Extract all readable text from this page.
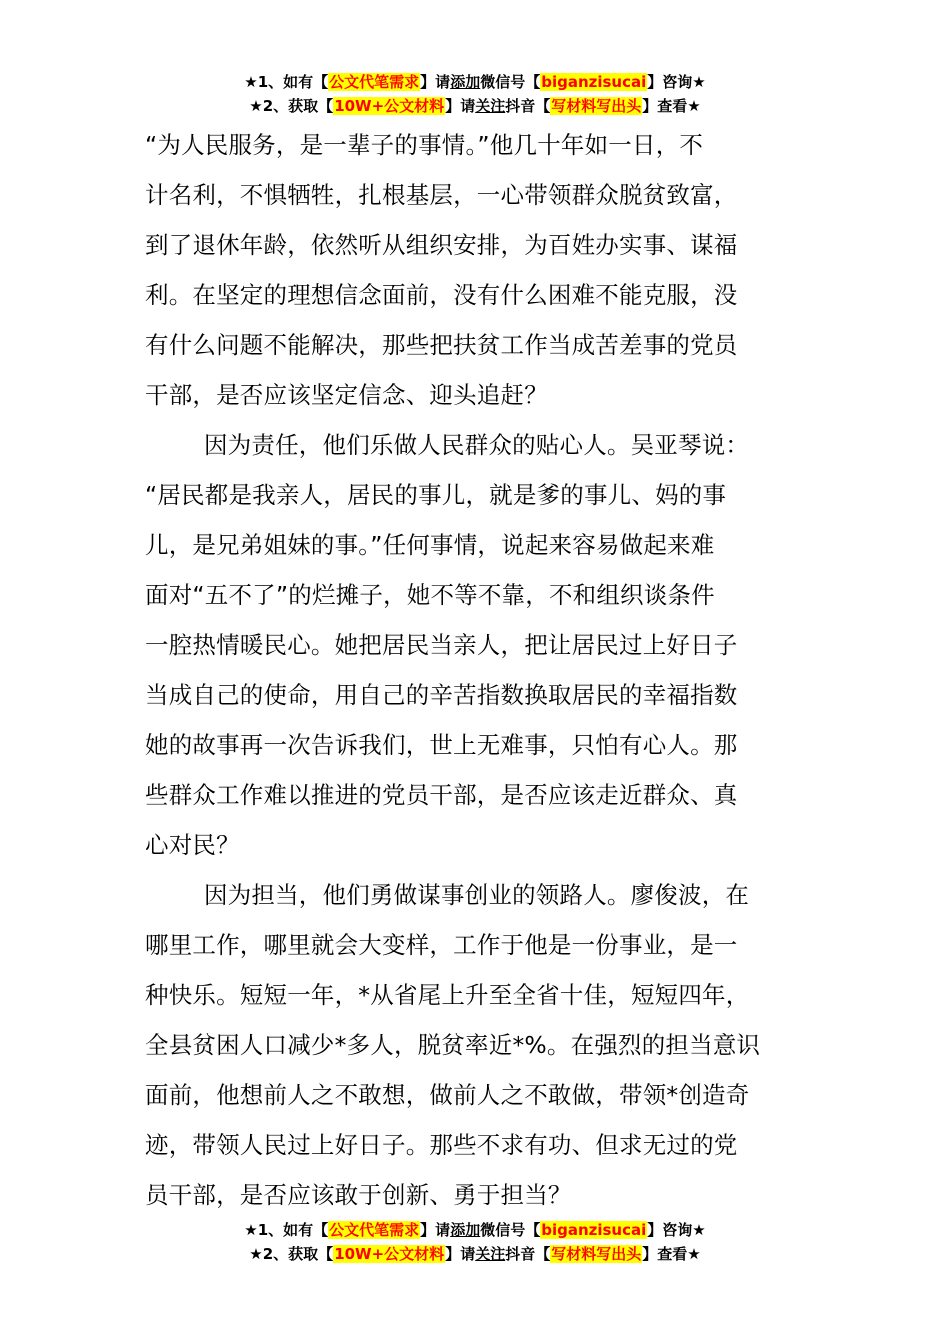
★1、如有【公文代笔需求】请添加微信号【biganzisucai】咨询★
★2、获取【10W+公文材料】请关注抖音【写材料写出头】查看★
“为人民服务，是一辈子的事情。”他几十年如一日，不
计名利，不惧牺牲，扎根基层，一心带领群众脱贫致富，
到了退休年龄，依然听从组织安排，为百姓办实事、谋福
利。在坚定的理想信念面前，没有什么困难不能克服，没
有什么问题不能解决，那些把扶贫工作当成苦差事的党员
干部，是否应该坚定信念、迎头追赶？
因为责任，他们乐做人民群众的贴心人。吴亚琴说：
“居民都是我亲人，居民的事儿，就是爹的事儿、妈的事
儿，是兄弟姐妹的事。”任何事情，说起来容易做起来难
面对“五不了”的烂摊子，她不等不靠，不和组织谈条件
一腔热情暖民心。她把居民当亲人，把让居民过上好日子
当成自己的使命，用自己的辛苦指数换取居民的幸福指数
她的故事再一次告诉我们，世上无难事，只怕有心人。那
些群众工作难以推进的党员干部，是否应该走近群众、真
心对民？
因为担当，他们勇做谋事创业的领路人。廖俊波，在
哪里工作，哪里就会大变样，工作于他是一份事业，是一
种快乐。短短一年，*从省尾上升至全省十佳，短短四年，
全县贫困人口减少*多人，脱贫率近*%。在强烈的担当意识
面前，他想前人之不敢想，做前人之不敢做，带领*创造奇
迹，带领人民过上好日子。那些不求有功、但求无过的党
员干部，是否应该敢于创新、勇于担当？
★1、如有【公文代笔需求】请添加微信号【biganzisucai】咨询★
★2、获取【10W+公文材料】请关注抖音【写材料写出头】查看★
